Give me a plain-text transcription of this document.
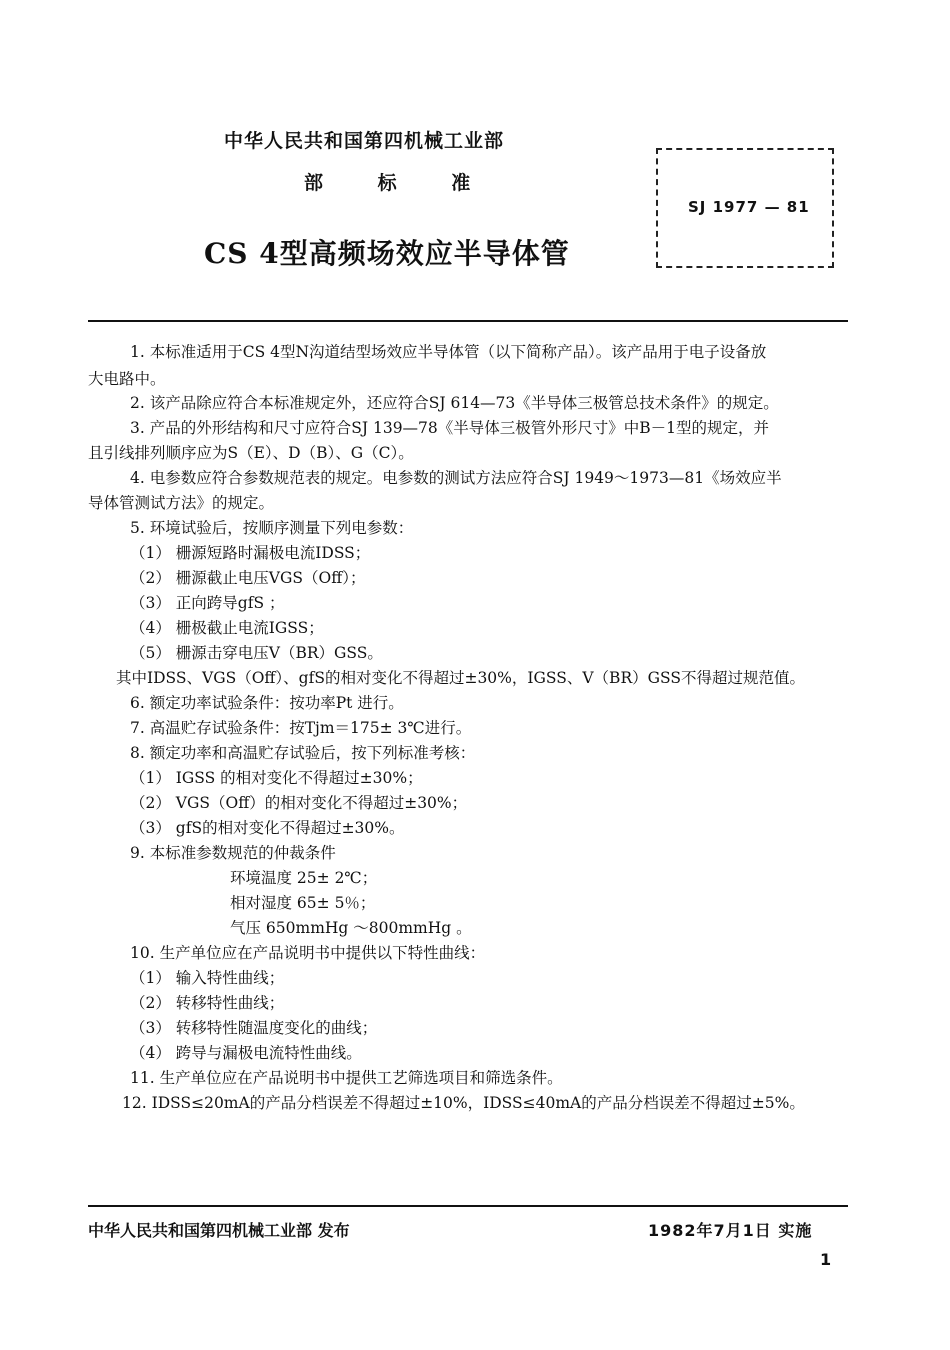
中华人民共和国第四机械工业部
部	标	准
CS 4型高频场效应半导体管
SJ 1977 — 81
1. 本标准适用于CS 4型N沟道结型场效应半导体管（以下简称产品）。该产品用于电子设备放
大电路中。
2. 该产品除应符合本标准规定外，还应符合SJ 614—73《半导体三极管总技术条件》的规定。
3. 产品的外形结构和尺寸应符合SJ 139—78《半导体三极管外形尺寸》中B－1型的规定，并
且引线排列顺序应为S（E）、D（B）、G（C）。
4. 电参数应符合参数规范表的规定。电参数的测试方法应符合SJ 1949～1973—81《场效应半
导体管测试方法》的规定。
5. 环境试验后，按顺序测量下列电参数：
（1） 栅源短路时漏极电流IDSS；
（2） 栅源截止电压VGS（Off）；
（3） 正向跨导gfS ；
（4） 栅极截止电流IGSS；
（5） 栅源击穿电压V（BR）GSS。
其中IDSS、VGS（Off）、gfS的相对变化不得超过±30%，IGSS、V（BR）GSS不得超过规范值。
6. 额定功率试验条件：按功率Pt 进行。
7. 高温贮存试验条件：按Tjm＝175± 3℃进行。
8. 额定功率和高温贮存试验后，按下列标准考核：
（1） IGSS 的相对变化不得超过±30%；
（2） VGS（Off）的相对变化不得超过±30%；
（3） gfS的相对变化不得超过±30%。
9. 本标准参数规范的仲裁条件
环境温度 25± 2℃；
相对湿度 65± 5％；
气压 650mmHg ～800mmHg 。
10. 生产单位应在产品说明书中提供以下特性曲线：
（1） 输入特性曲线；
（2） 转移特性曲线；
（3） 转移特性随温度变化的曲线；
（4） 跨导与漏极电流特性曲线。
11. 生产单位应在产品说明书中提供工艺筛选项目和筛选条件。
12. IDSS≤20mA的产品分档误差不得超过±10%，IDSS≤40mA的产品分档误差不得超过±5%。
中华人民共和国第四机械工业部 发布	1982年7月1日 实施
1
